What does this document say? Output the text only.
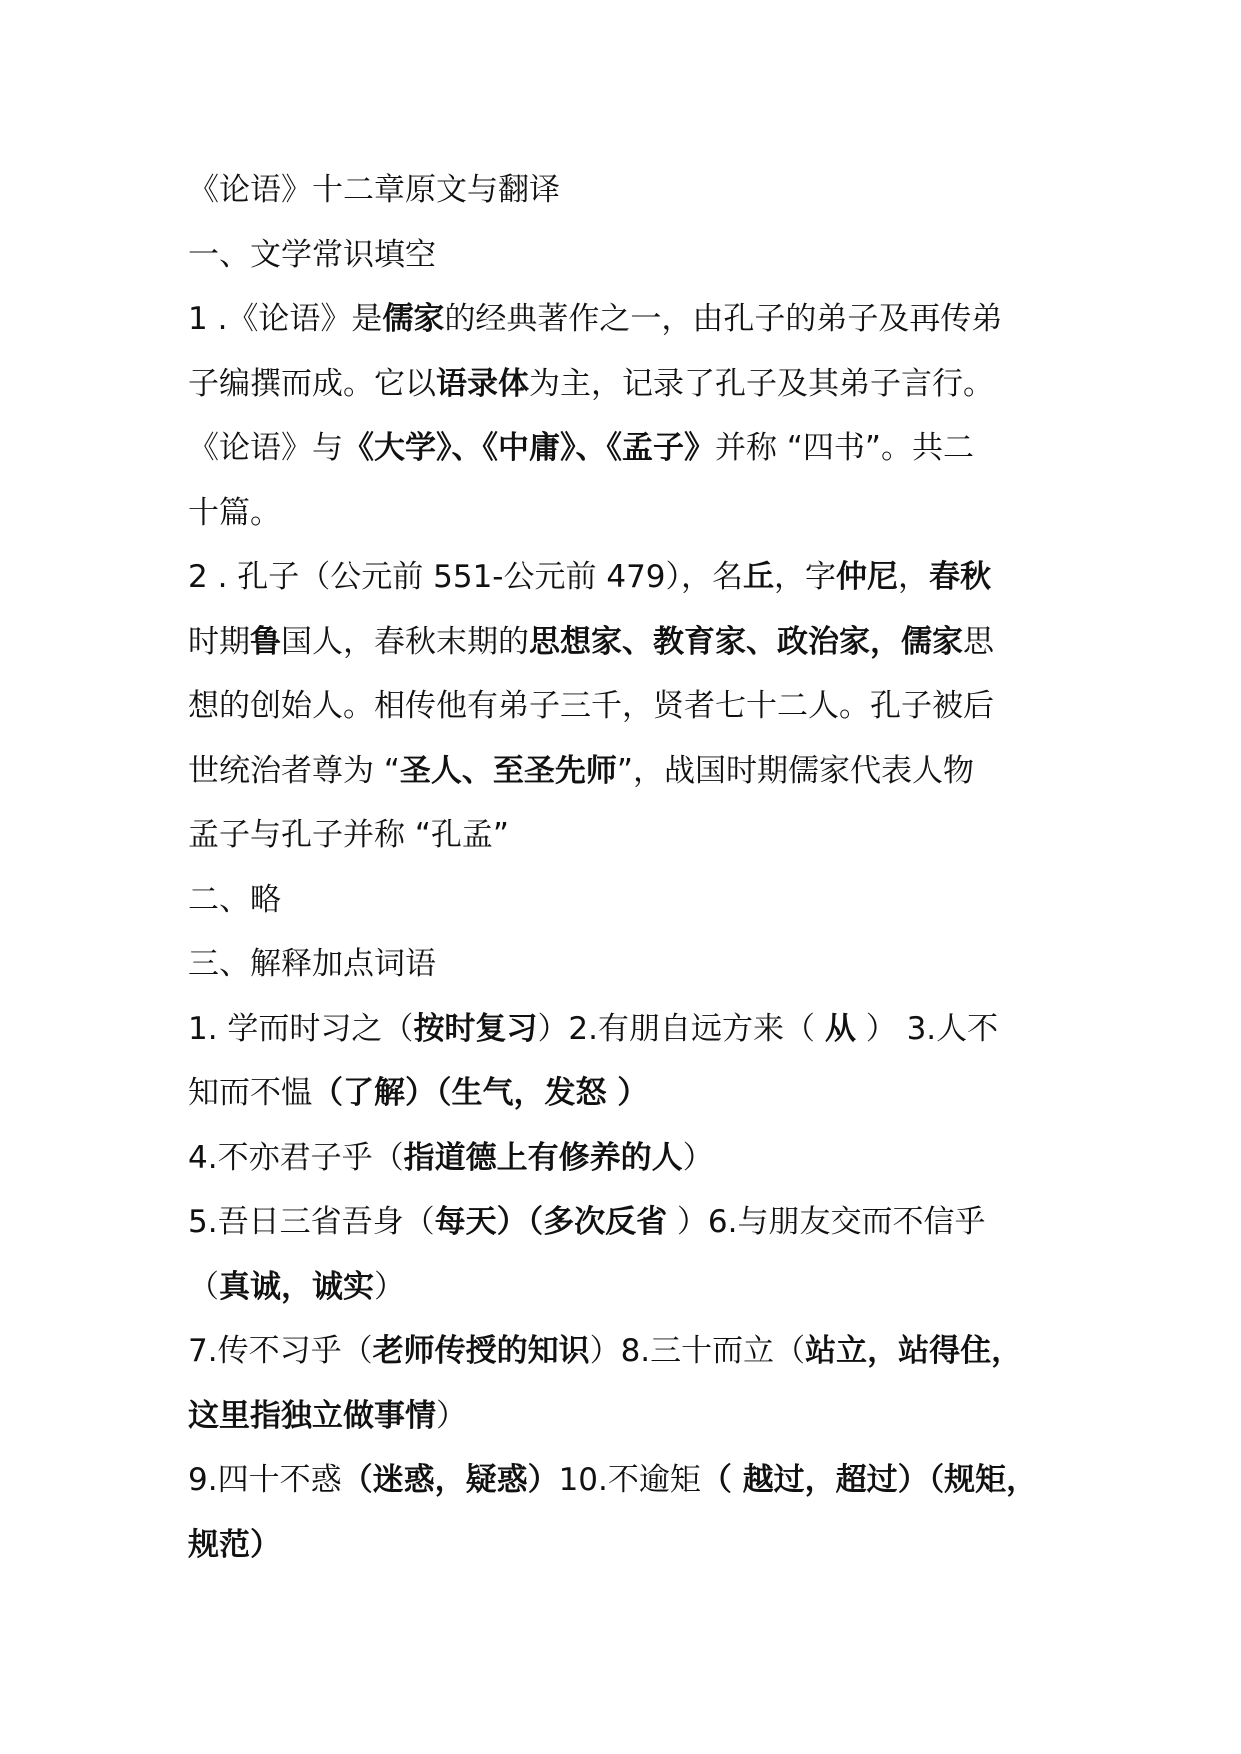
《论语》十二章原文与翻译
一、文学常识填空
1 .《论语》是儒家的经典著作之一，由孔子的弟子及再传弟
子编撰而成。它以语录体为主，记录了孔子及其弟子言行。
《论语》与《大学》、《中庸》、《孟子》并称 “四书”。共二
十篇。
2 . 孔子（公元前 551-公元前 479），名丘，字仲尼，春秋
时期鲁国人，春秋末期的思想家、教育家、政治家，儒家思
想的创始人。相传他有弟子三千，贤者七十二人。孔子被后
世统治者尊为 “圣人、至圣先师”，战国时期儒家代表人物
孟子与孔子并称 “孔孟”
二、略
三、解释加点词语
1. 学而时习之（按时复习）2.有朋自远方来（ 从 ） 3.人不
知而不愠（了解）（生气，发怒 ）
4.不亦君子乎（指道德上有修养的人）
5.吾日三省吾身（每天）（多次反省 ）6.与朋友交而不信乎
（真诚，诚实）
7.传不习乎（老师传授的知识）8.三十而立（站立，站得住，
这里指独立做事情）
9.四十不惑（迷惑，疑惑）10.不逾矩（ 越过，超过）（规矩，
规范）
